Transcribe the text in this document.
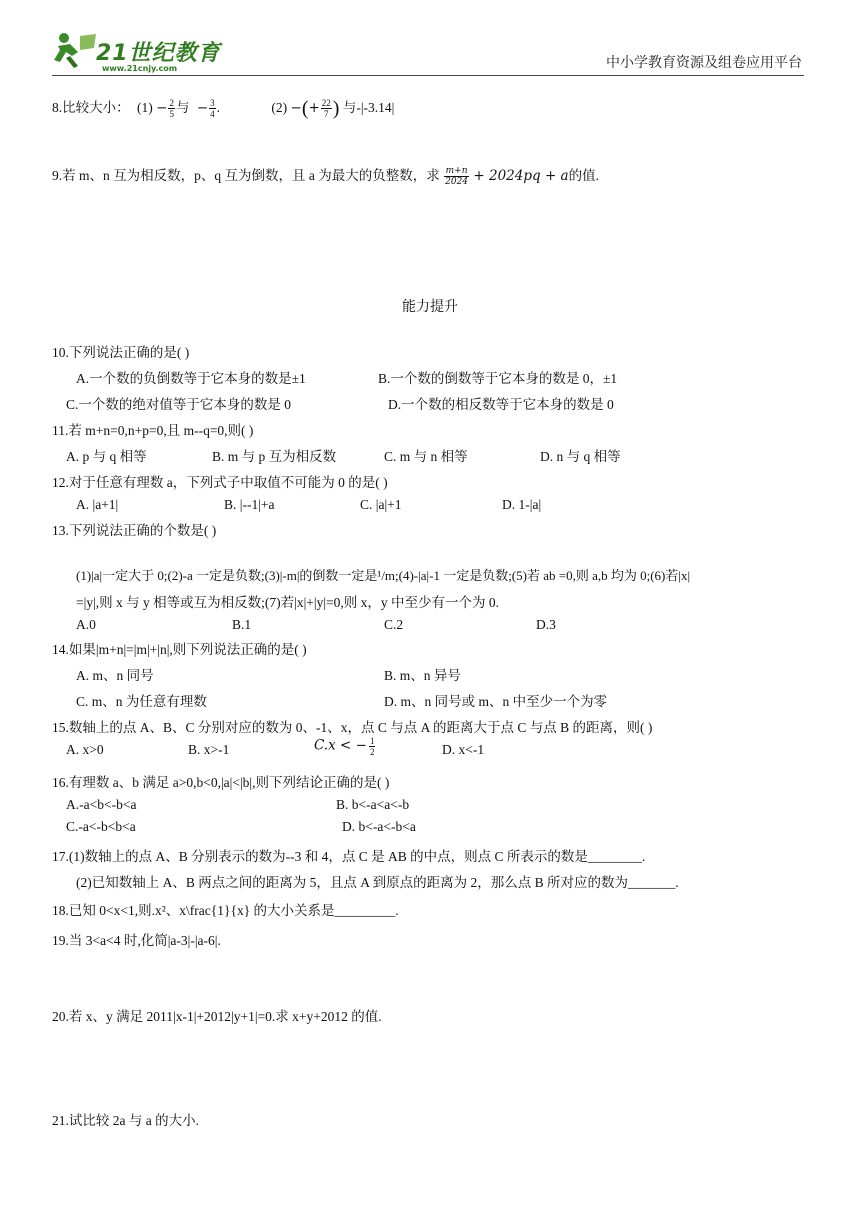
21世纪教育
www.21cnjy.com	中小学教育资源及组卷应用平台
8.比较大小： $(1) - \frac{2}{5}$ 与 − $\frac{3}{4}$ .	(2) −(+ $\frac{22}{7}$ ) 与-|-3.14|
9.若 m、n 互为相反数，p、q 互为倒数，且 a 为最大的负整数，求 $\frac{m+n}{2024} + 2024pq + a$的值.
能力提升
10.下列说法正确的是( )
A.一个数的负倒数等于它本身的数是±1	B.一个数的倒数等于它本身的数是 0，±1
C.一个数的绝对值等于它本身的数是 0	D.一个数的相反数等于它本身的数是 0
11.若 m+n=0,n+p=0,且 m--q=0,则( )
A. p 与 q 相等	B. m 与 p 互为相反数	C. m 与 n 相等	D. n 与 q 相等
12.对于任意有理数 a，下列式子中取值不可能为 0 的是( )
A. |a+1|	B. |--1|+a	C. |a|+1	D. 1-|a|
13.下列说法正确的个数是( )
(1)|a|一定大于 0;(2)-a 一定是负数;(3)|-m|的倒数一定是¹/m;(4)-|a|-1 一定是负数;(5)若 ab =0,则 a,b 均为 0;(6)若|x|
=|y|,则 x 与 y 相等或互为相反数;(7)若|x|+|y|=0,则 x，y 中至少有一个为 0.
A.0	B.1	C.2	D.3
14.如果|m+n|=|m|+|n|,则下列说法正确的是( )
A. m、n 同号	B. m、n 异号
C. m、n 为任意有理数	D. m、n 同号或 m、n 中至少一个为零
15.数轴上的点 A、B、C 分别对应的数为 0、-1、x，点 C 与点 A 的距离大于点 C 与点 B 的距离，则( )
A. x>0	B. x>-1	C.x < − $\frac{1}{2}$	D. x<-1
16.有理数 a、b 满足 a>0,b<0,|a|<|b|,则下列结论正确的是( )
A.-a<b<-b<a	B. b<-a<a<-b
C.-a<-b<b<a	D. b<-a<-b<a
17.(1)数轴上的点 A、B 分别表示的数为--3 和 4，点 C 是 AB 的中点，则点 C 所表示的数是________.
(2)已知数轴上 A、B 两点之间的距离为 5，且点 A 到原点的距离为 2，那么点 B 所对应的数为_______.
18.已知 0<x<1,则.x²、x\frac{1}{x} 的大小关系是_________.
19.当 3<a<4 时,化简|a-3|-|a-6|.
20.若 x、y 满足 2011|x-1|+2012|y+1|=0.求 x+y+2012 的值.
21.试比较 2a 与 a 的大小.
